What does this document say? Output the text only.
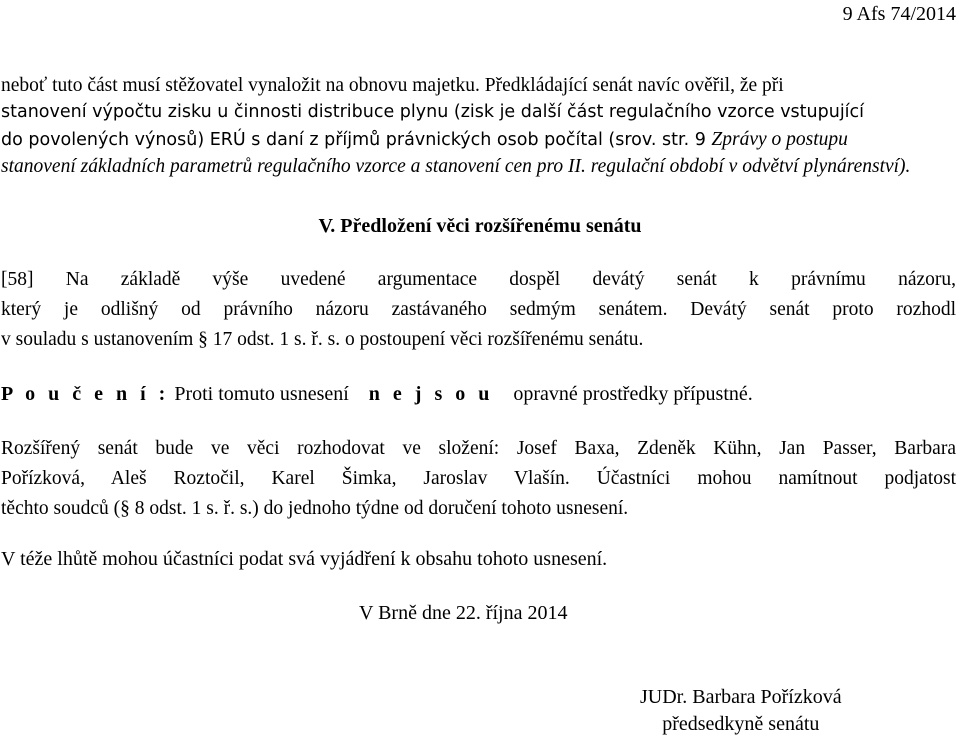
9 Afs 74/2014
neboť tuto část musí stěžovatel vynaložit na obnovu majetku. Předkládající senát navíc ověřil, že při
stanovení výpočtu zisku u činnosti distribuce plynu (zisk je další část regulačního vzorce vstupující
do povolených výnosů) ERÚ s daní z příjmů právnických osob počítal (srov. str. 9 Zprávy o postupu
stanovení základních parametrů regulačního vzorce a stanovení cen pro II. regulační období v odvětví plynárenství).
V. Předložení věci rozšířenému senátu
[58] Na základě výše uvedené argumentace dospěl devátý senát k právnímu názoru,
který je odlišný od právního názoru zastávaného sedmým senátem. Devátý senát proto rozhodl
v souladu s ustanovením § 17 odst. 1 s. ř. s. o postoupení věci rozšířenému senátu.
P o u č e n í : Proti tomuto usnesení n e j s o u opravné prostředky přípustné.
Rozšířený senát bude ve věci rozhodovat ve složení: Josef Baxa, Zdeněk Kühn, Jan Passer, Barbara
Pořízková, Aleš Roztočil, Karel Šimka, Jaroslav Vlašín. Účastníci mohou namítnout podjatost
těchto soudců (§ 8 odst. 1 s. ř. s.) do jednoho týdne od doručení tohoto usnesení.
V téže lhůtě mohou účastníci podat svá vyjádření k obsahu tohoto usnesení.
V Brně dne 22. října 2014
JUDr. Barbara Pořízková
předsedkyně senátu
